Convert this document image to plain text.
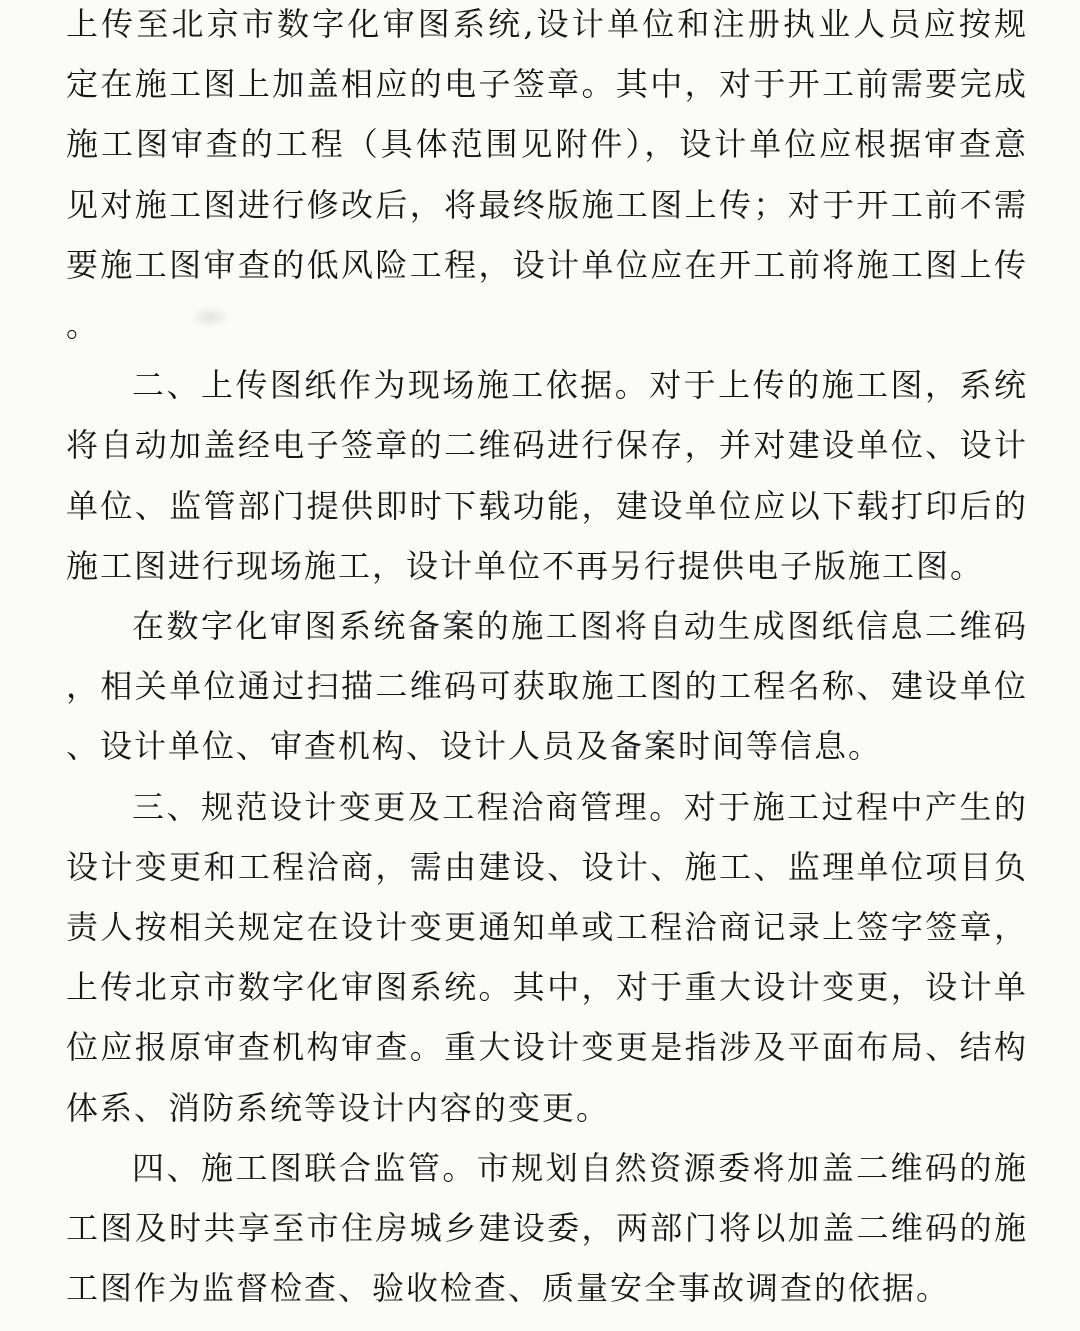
上传至北京市数字化审图系统,设计单位和注册执业人员应按规定在施工图上加盖相应的电子签章。其中，对于开工前需要完成施工图审查的工程（具体范围见附件），设计单位应根据审查意见对施工图进行修改后，将最终版施工图上传；对于开工前不需要施工图审查的低风险工程，设计单位应在开工前将施工图上传。

二、上传图纸作为现场施工依据。对于上传的施工图，系统将自动加盖经电子签章的二维码进行保存，并对建设单位、设计单位、监管部门提供即时下载功能，建设单位应以下载打印后的施工图进行现场施工，设计单位不再另行提供电子版施工图。

在数字化审图系统备案的施工图将自动生成图纸信息二维码，相关单位通过扫描二维码可获取施工图的工程名称、建设单位、设计单位、审查机构、设计人员及备案时间等信息。

三、规范设计变更及工程洽商管理。对于施工过程中产生的设计变更和工程洽商，需由建设、设计、施工、监理单位项目负责人按相关规定在设计变更通知单或工程洽商记录上签字签章，上传北京市数字化审图系统。其中，对于重大设计变更，设计单位应报原审查机构审查。重大设计变更是指涉及平面布局、结构体系、消防系统等设计内容的变更。

四、施工图联合监管。市规划自然资源委将加盖二维码的施工图及时共享至市住房城乡建设委，两部门将以加盖二维码的施工图作为监督检查、验收检查、质量安全事故调查的依据。
